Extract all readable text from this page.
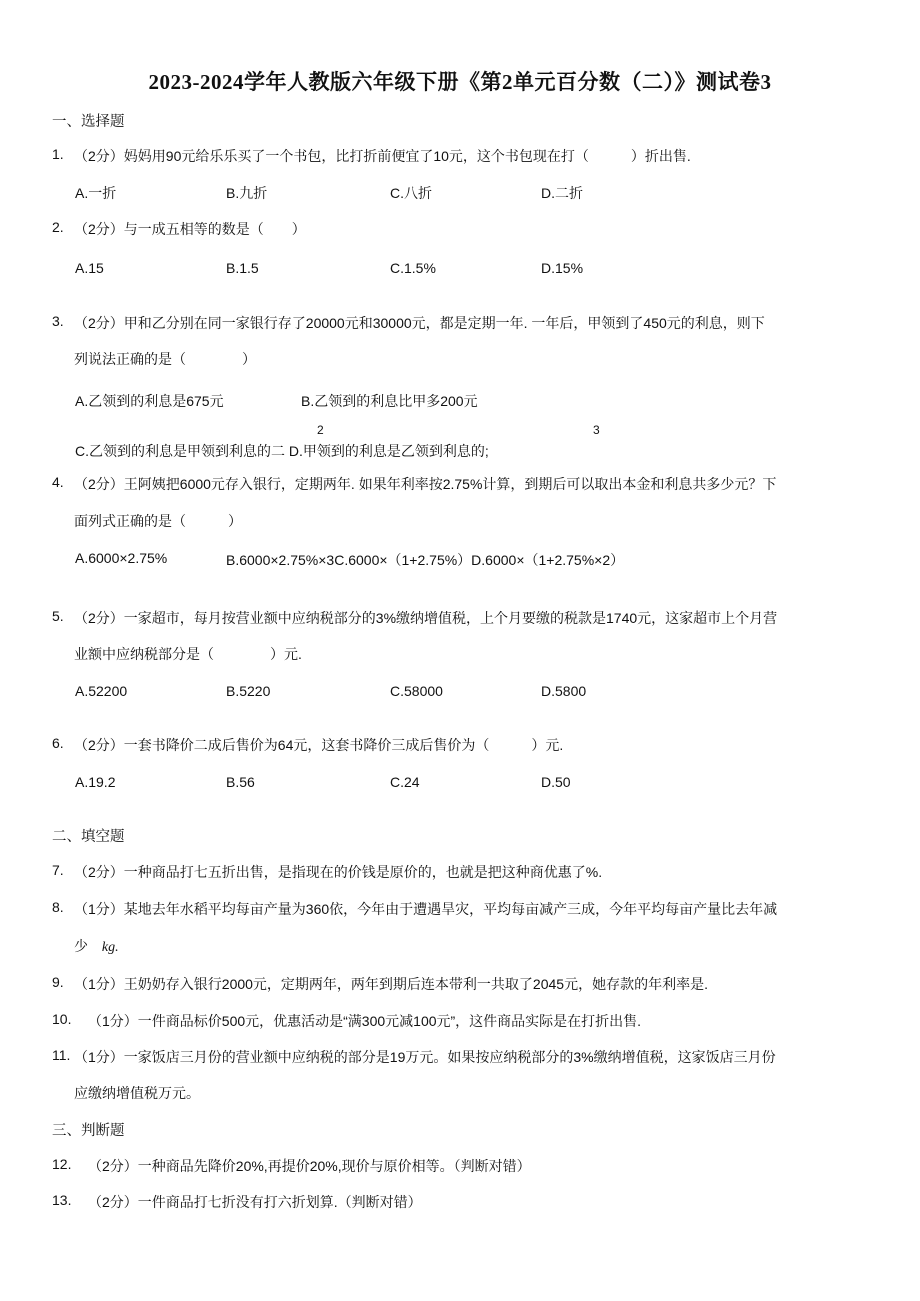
2023-2024学年人教版六年级下册《第2单元百分数（二）》测试卷3
一、选择题
1. （2分）妈妈用90元给乐乐买了一个书包，比打折前便宜了10元，这个书包现在打（　　　）折出售.
A.一折	B.九折	C.八折	D.二折
2. （2分）与一成五相等的数是（　　）
A.15	B.1.5	C.1.5%	D.15%
3. （2分）甲和乙分别在同一家银行存了20000元和30000元，都是定期一年. 一年后，甲领到了450元的利息，则下
列说法正确的是（　　　　）
A.乙领到的利息是675元	B.乙领到的利息比甲多200元
2	3
C.乙领到的利息是甲领到利息的二 D.甲领到的利息是乙领到利息的;
4. （2分）王阿姨把6000元存入银行，定期两年. 如果年利率按2.75%计算，到期后可以取出本金和利息共多少元？下
面列式正确的是（　　　）
A.6000×2.75%	B.6000×2.75%×3C.6000×（1+2.75%）D.6000×（1+2.75%×2）
5. （2分）一家超市，每月按营业额中应纳税部分的3%缴纳增值税，上个月要缴的税款是1740元，这家超市上个月营
业额中应纳税部分是（　　　　）元.
A.52200	B.5220	C.58000	D.5800
6. （2分）一套书降价二成后售价为64元，这套书降价三成后售价为（　　　）元.
A.19.2	B.56	C.24	D.50
二、填空题
7. （2分）一种商品打七五折出售，是指现在的价钱是原价的，也就是把这种商优惠了%.
8. （1分）某地去年水稻平均每亩产量为360依，今年由于遭遇旱灾，平均每亩减产三成，今年平均每亩产量比去年减
少 kg.
9. （1分）王奶奶存入银行2000元，定期两年，两年到期后连本带利一共取了2045元，她存款的年利率是.
10. （1分）一件商品标价500元，优惠活动是“满300元减100元”，这件商品实际是在打折出售.
11. （1分）一家饭店三月份的营业额中应纳税的部分是19万元。如果按应纳税部分的3%缴纳增值税，这家饭店三月份
应缴纳增值税万元。
三、判断题
12. （2分）一种商品先降价20%,再提价20%,现价与原价相等。（判断对错）
13. （2分）一件商品打七折没有打六折划算.（判断对错）
